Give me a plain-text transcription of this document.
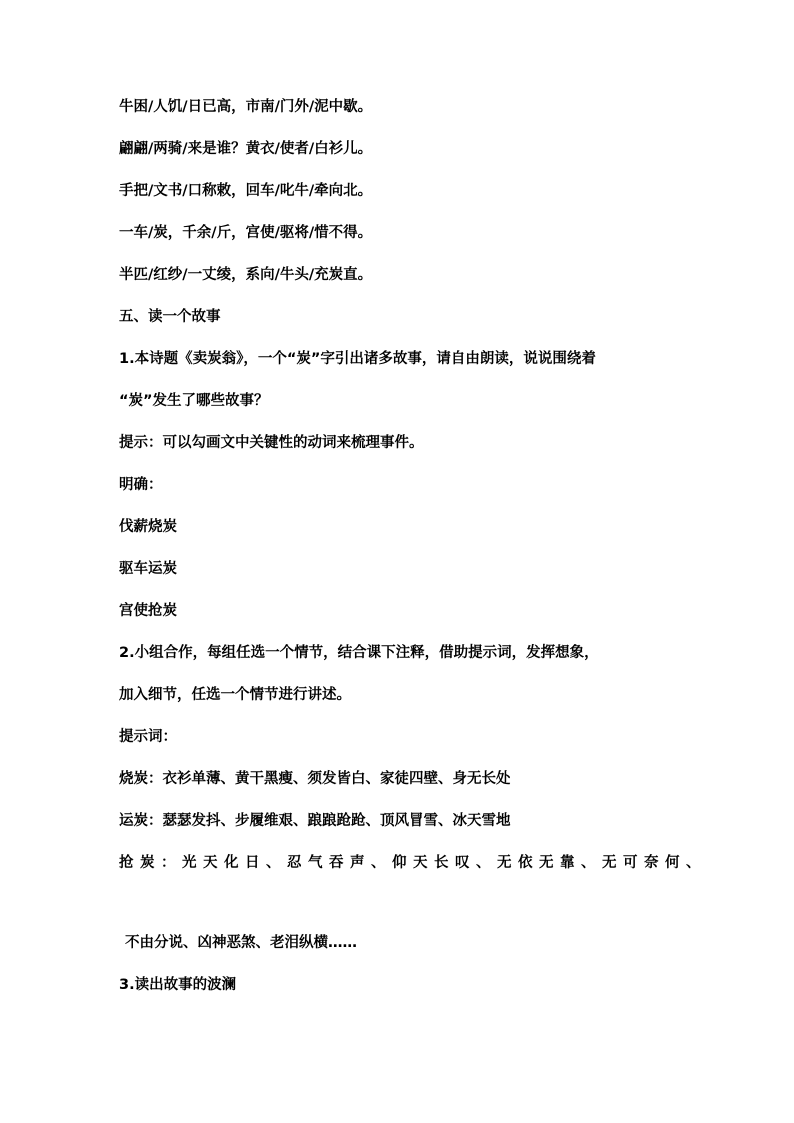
牛困/人饥/日已高，市南/门外/泥中歇。
翩翩/两骑/来是谁？黄衣/使者/白衫儿。
手把/文书/口称敕，回车/叱牛/牵向北。
一车/炭，千余/斤，宫使/驱将/惜不得。
半匹/红纱/一丈绫，系向/牛头/充炭直。
五、读一个故事
1.本诗题《卖炭翁》，一个“炭”字引出诸多故事，请自由朗读，说说围绕着
“炭”发生了哪些故事？
提示：可以勾画文中关键性的动词来梳理事件。
明确：
伐薪烧炭
驱车运炭
宫使抢炭
2.小组合作，每组任选一个情节，结合课下注释，借助提示词，发挥想象，
加入细节，任选一个情节进行讲述。
提示词：
烧炭：衣衫单薄、黄干黑瘦、须发皆白、家徒四壁、身无长处
运炭：瑟瑟发抖、步履维艰、踉踉跄跄、顶风冒雪、冰天雪地
抢炭：光天化日、忍气吞声、仰天长叹、无依无靠、无可奈何、
不由分说、凶神恶煞、老泪纵横……
3.读出故事的波澜
